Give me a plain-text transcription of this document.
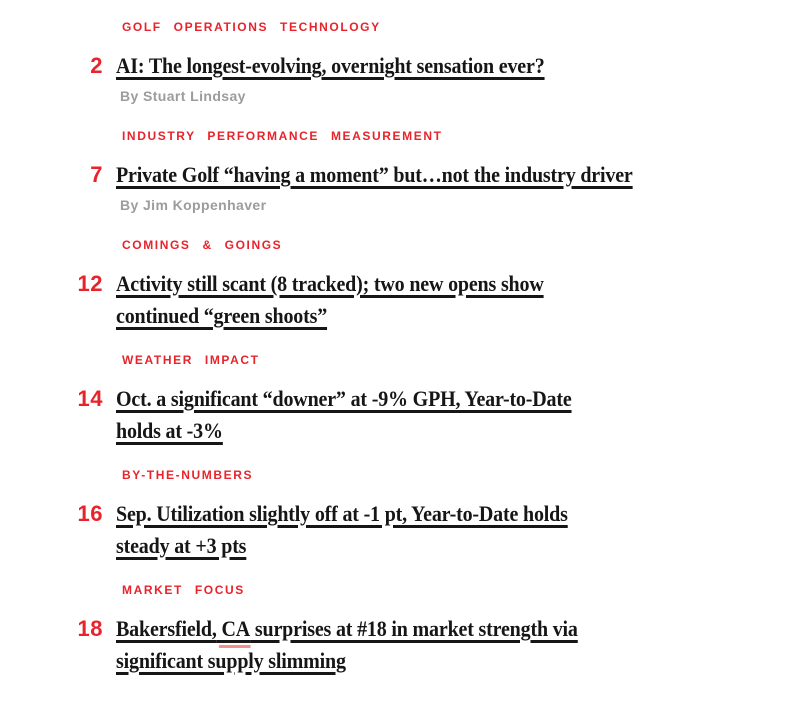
GOLF OPERATIONS TECHNOLOGY
2 AI: The longest-evolving, overnight sensation ever?
By Stuart Lindsay
INDUSTRY PERFORMANCE MEASUREMENT
7 Private Golf “having a moment” but…not the industry driver
By Jim Koppenhaver
COMINGS & GOINGS
12 Activity still scant (8 tracked); two new opens show
continued “green shoots”
WEATHER IMPACT
14 Oct. a significant “downer” at -9% GPH, Year-to-Date
holds at -3%
BY-THE-NUMBERS
16 Sep. Utilization slightly off at -1 pt, Year-to-Date holds
steady at +3 pts
MARKET FOCUS
18 Bakersfield, CA surprises at #18 in market strength via
significant supply slimming
